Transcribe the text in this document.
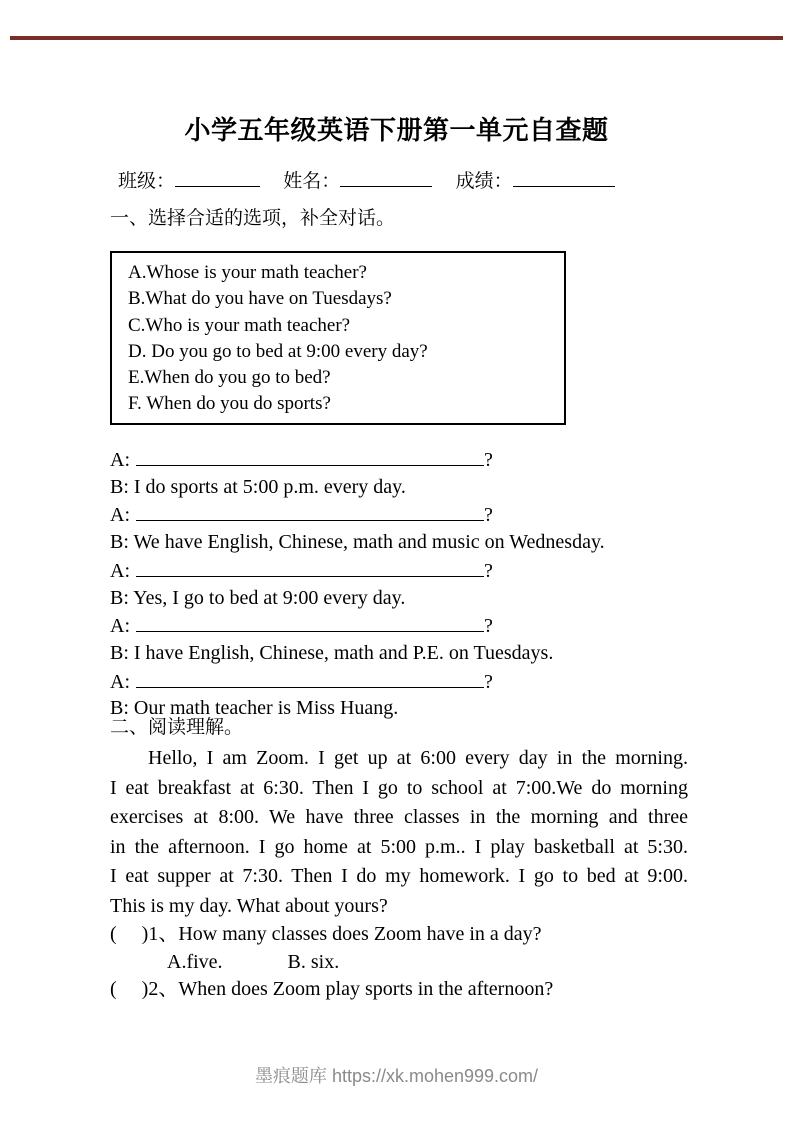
小学五年级英语下册第一单元自查题
班级：	姓名：	成绩：
一、选择合适的选项，补全对话。
A.Whose is your math teacher?
B.What do you have on Tuesdays?
C.Who is your math teacher?
D. Do you go to bed at 9:00 every day?
E.When do you go to bed?
F. When do you do sports?
A:	?
B: I do sports at 5:00 p.m. every day.
A:	?
B: We have English, Chinese, math and music on Wednesday.
A:	?
B: Yes, I go to bed at 9:00 every day.
A:	?
B: I have English, Chinese, math and P.E. on Tuesdays.
A:	?
B: Our math teacher is Miss Huang.
二、阅读理解。
Hello, I am Zoom. I get up at 6:00 every day in the morning.
I eat breakfast at 6:30. Then I go to school at 7:00.We do morning
exercises at 8:00. We have three classes in the morning and three
in the afternoon. I go home at 5:00 p.m.. I play basketball at 5:30.
I eat supper at 7:30. Then I do my homework. I go to bed at 9:00.
This is my day. What about yours?
(     )1、How many classes does Zoom have in a day?
A.five.	B. six.
(     )2、When does Zoom play sports in the afternoon?
墨痕题库 https://xk.mohen999.com/
